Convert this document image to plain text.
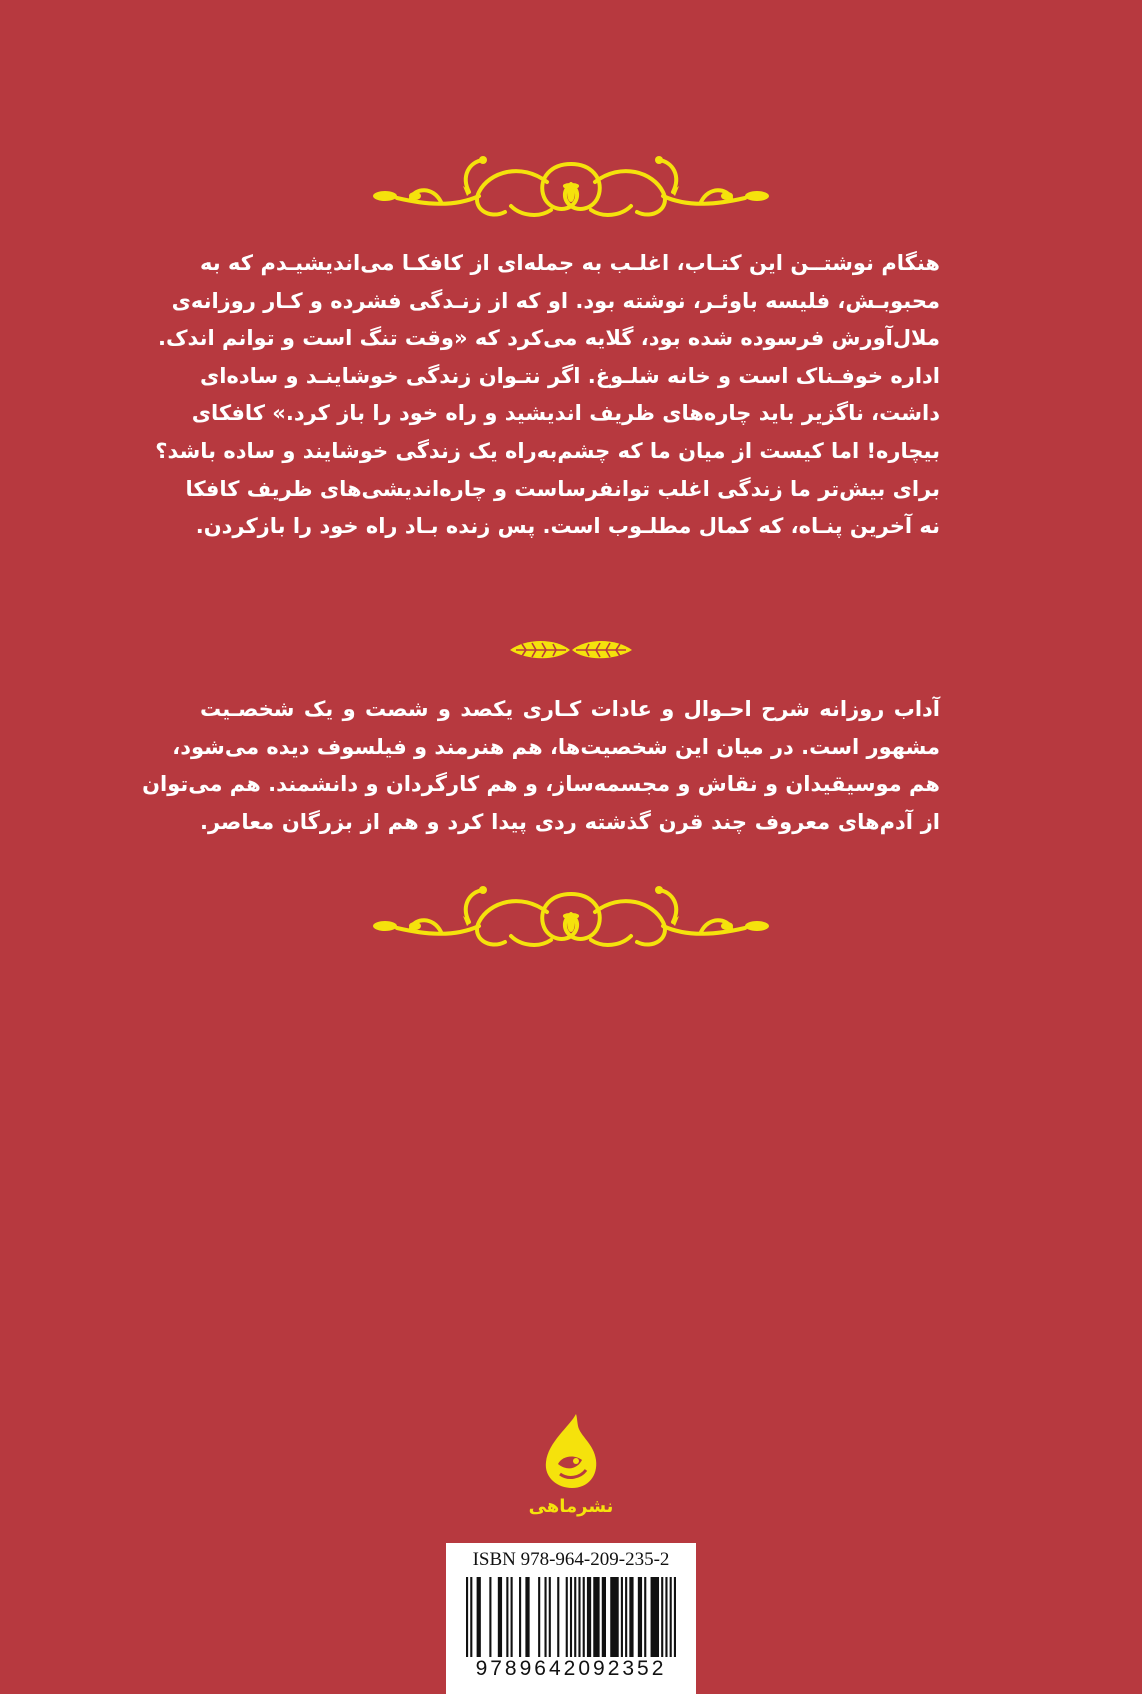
هنگام نوشتــن این کتـاب، اغلـب به جمله‌ای از کافکـا می‌اندیشیـدم که به
محبوبـش، فلیسه باوئـر، نوشته بود. او که از زنـدگی فشرده و کـار روزانه‌ی
ملال‌آورش فرسوده شده بود، گلایه می‌کرد که «وقت تنگ است و توانم اندک.
اداره خوفـناک است و خانه شلـوغ. اگر نتـوان زندگی خوشاینـد و ساده‌ای
داشت، ناگزیر باید چاره‌های ظریف اندیشید و راه خود را باز کرد.» کافکای
بیچاره! اما کیست از میان ما که چشم‌به‌راه یک زندگی خوشایند و ساده باشد؟
برای بیش‌تر ما زندگی اغلب توانفرساست و چاره‌اندیشی‌های ظریف کافکا
نه آخرین پنـاه، که کمال مطلـوب است. پس زنده بـاد راه خود را بازکردن.
آداب روزانه شرح احـوال و عادات کـاری یکصد و شصت و یک شخصـیت
مشهور است. در میان این شخصیت‌ها، هم هنرمند و فیلسوف دیده می‌شود،
هم موسیقیدان و نقاش و مجسمه‌ساز، و هم کارگردان و دانشمند. هم می‌توان
از آدم‌های معروف چند قرن گذشته ردی پیدا کرد و هم از بزرگان معاصر.
نشرماهی
ISBN 978-964-209-235-2
9789642092352
